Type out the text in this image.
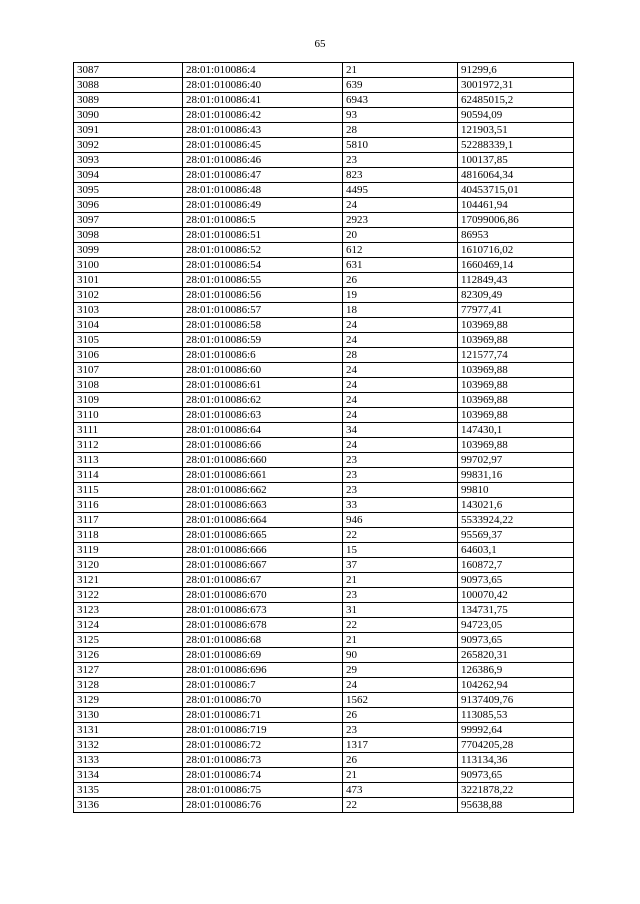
65
3087	28:01:010086:4	21	91299,6
3088	28:01:010086:40	639	3001972,31
3089	28:01:010086:41	6943	62485015,2
3090	28:01:010086:42	93	90594,09
3091	28:01:010086:43	28	121903,51
3092	28:01:010086:45	5810	52288339,1
3093	28:01:010086:46	23	100137,85
3094	28:01:010086:47	823	4816064,34
3095	28:01:010086:48	4495	40453715,01
3096	28:01:010086:49	24	104461,94
3097	28:01:010086:5	2923	17099006,86
3098	28:01:010086:51	20	86953
3099	28:01:010086:52	612	1610716,02
3100	28:01:010086:54	631	1660469,14
3101	28:01:010086:55	26	112849,43
3102	28:01:010086:56	19	82309,49
3103	28:01:010086:57	18	77977,41
3104	28:01:010086:58	24	103969,88
3105	28:01:010086:59	24	103969,88
3106	28:01:010086:6	28	121577,74
3107	28:01:010086:60	24	103969,88
3108	28:01:010086:61	24	103969,88
3109	28:01:010086:62	24	103969,88
3110	28:01:010086:63	24	103969,88
3111	28:01:010086:64	34	147430,1
3112	28:01:010086:66	24	103969,88
3113	28:01:010086:660	23	99702,97
3114	28:01:010086:661	23	99831,16
3115	28:01:010086:662	23	99810
3116	28:01:010086:663	33	143021,6
3117	28:01:010086:664	946	5533924,22
3118	28:01:010086:665	22	95569,37
3119	28:01:010086:666	15	64603,1
3120	28:01:010086:667	37	160872,7
3121	28:01:010086:67	21	90973,65
3122	28:01:010086:670	23	100070,42
3123	28:01:010086:673	31	134731,75
3124	28:01:010086:678	22	94723,05
3125	28:01:010086:68	21	90973,65
3126	28:01:010086:69	90	265820,31
3127	28:01:010086:696	29	126386,9
3128	28:01:010086:7	24	104262,94
3129	28:01:010086:70	1562	9137409,76
3130	28:01:010086:71	26	113085,53
3131	28:01:010086:719	23	99992,64
3132	28:01:010086:72	1317	7704205,28
3133	28:01:010086:73	26	113134,36
3134	28:01:010086:74	21	90973,65
3135	28:01:010086:75	473	3221878,22
3136	28:01:010086:76	22	95638,88
